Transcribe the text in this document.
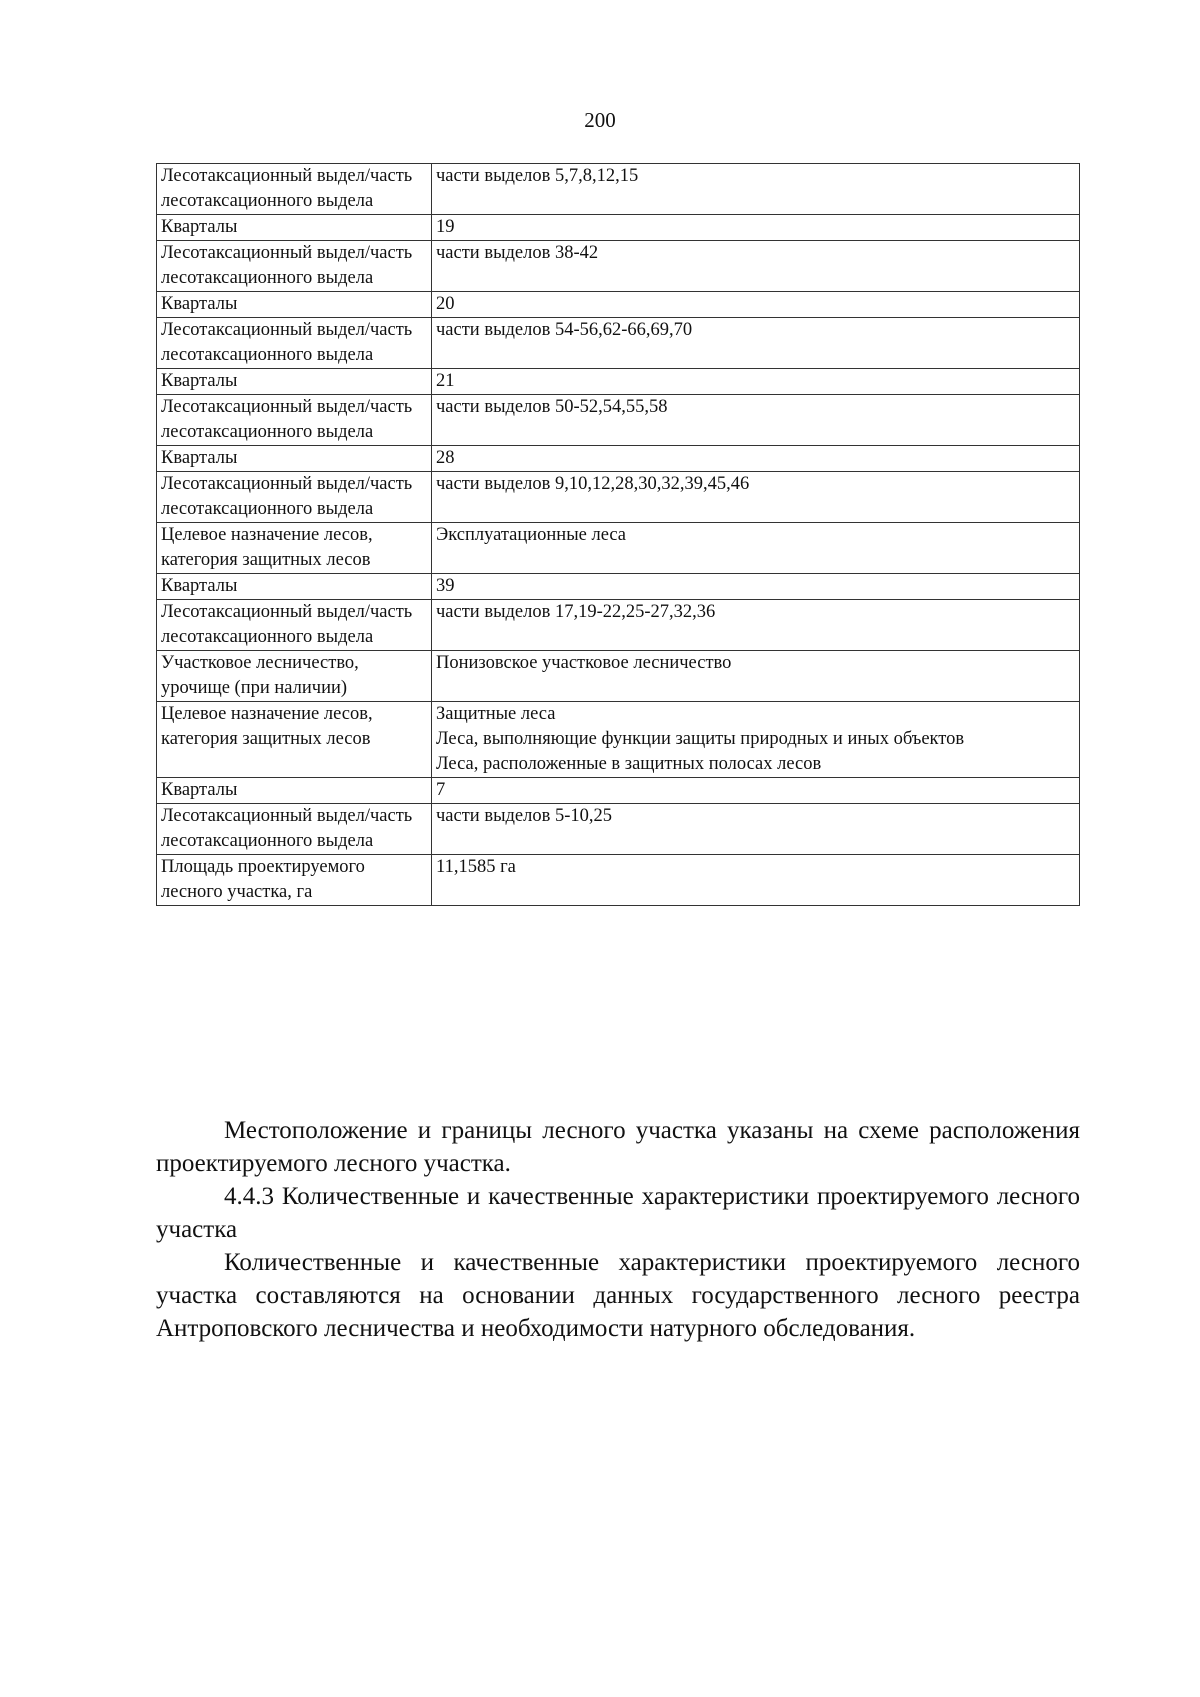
200
Лесотаксационный выдел/часть лесотаксационного выдела	части выделов 5,7,8,12,15

Кварталы	19

Лесотаксационный выдел/часть лесотаксационного выдела	части выделов 38-42

Кварталы	20

Лесотаксационный выдел/часть лесотаксационного выдела	части выделов 54-56,62-66,69,70

Кварталы	21

Лесотаксационный выдел/часть лесотаксационного выдела	части выделов 50-52,54,55,58

Кварталы	28

Лесотаксационный выдел/часть лесотаксационного выдела	части выделов 9,10,12,28,30,32,39,45,46

Целевое назначение лесов, категория защитных лесов	Эксплуатационные леса

Кварталы	39

Лесотаксационный выдел/часть лесотаксационного выдела	части выделов 17,19-22,25-27,32,36

Участковое лесничество, урочище (при наличии)	Понизовское участковое лесничество

Целевое назначение лесов, категория защитных лесов	Защитные леса
Леса, выполняющие функции защиты природных и иных объектов
Леса, расположенные в защитных полосах лесов

Кварталы	7

Лесотаксационный выдел/часть лесотаксационного выдела	части выделов 5-10,25

Площадь проектируемого лесного участка, га	11,1585 га

Местоположение и границы лесного участка указаны на схеме расположения проектируемого лесного участка.

4.4.3 Количественные и качественные характеристики проектируемого лесного участка

Количественные и качественные характеристики проектируемого лесного участка составляются на основании данных государственного лесного реестра Антроповского лесничества и необходимости натурного обследования.
